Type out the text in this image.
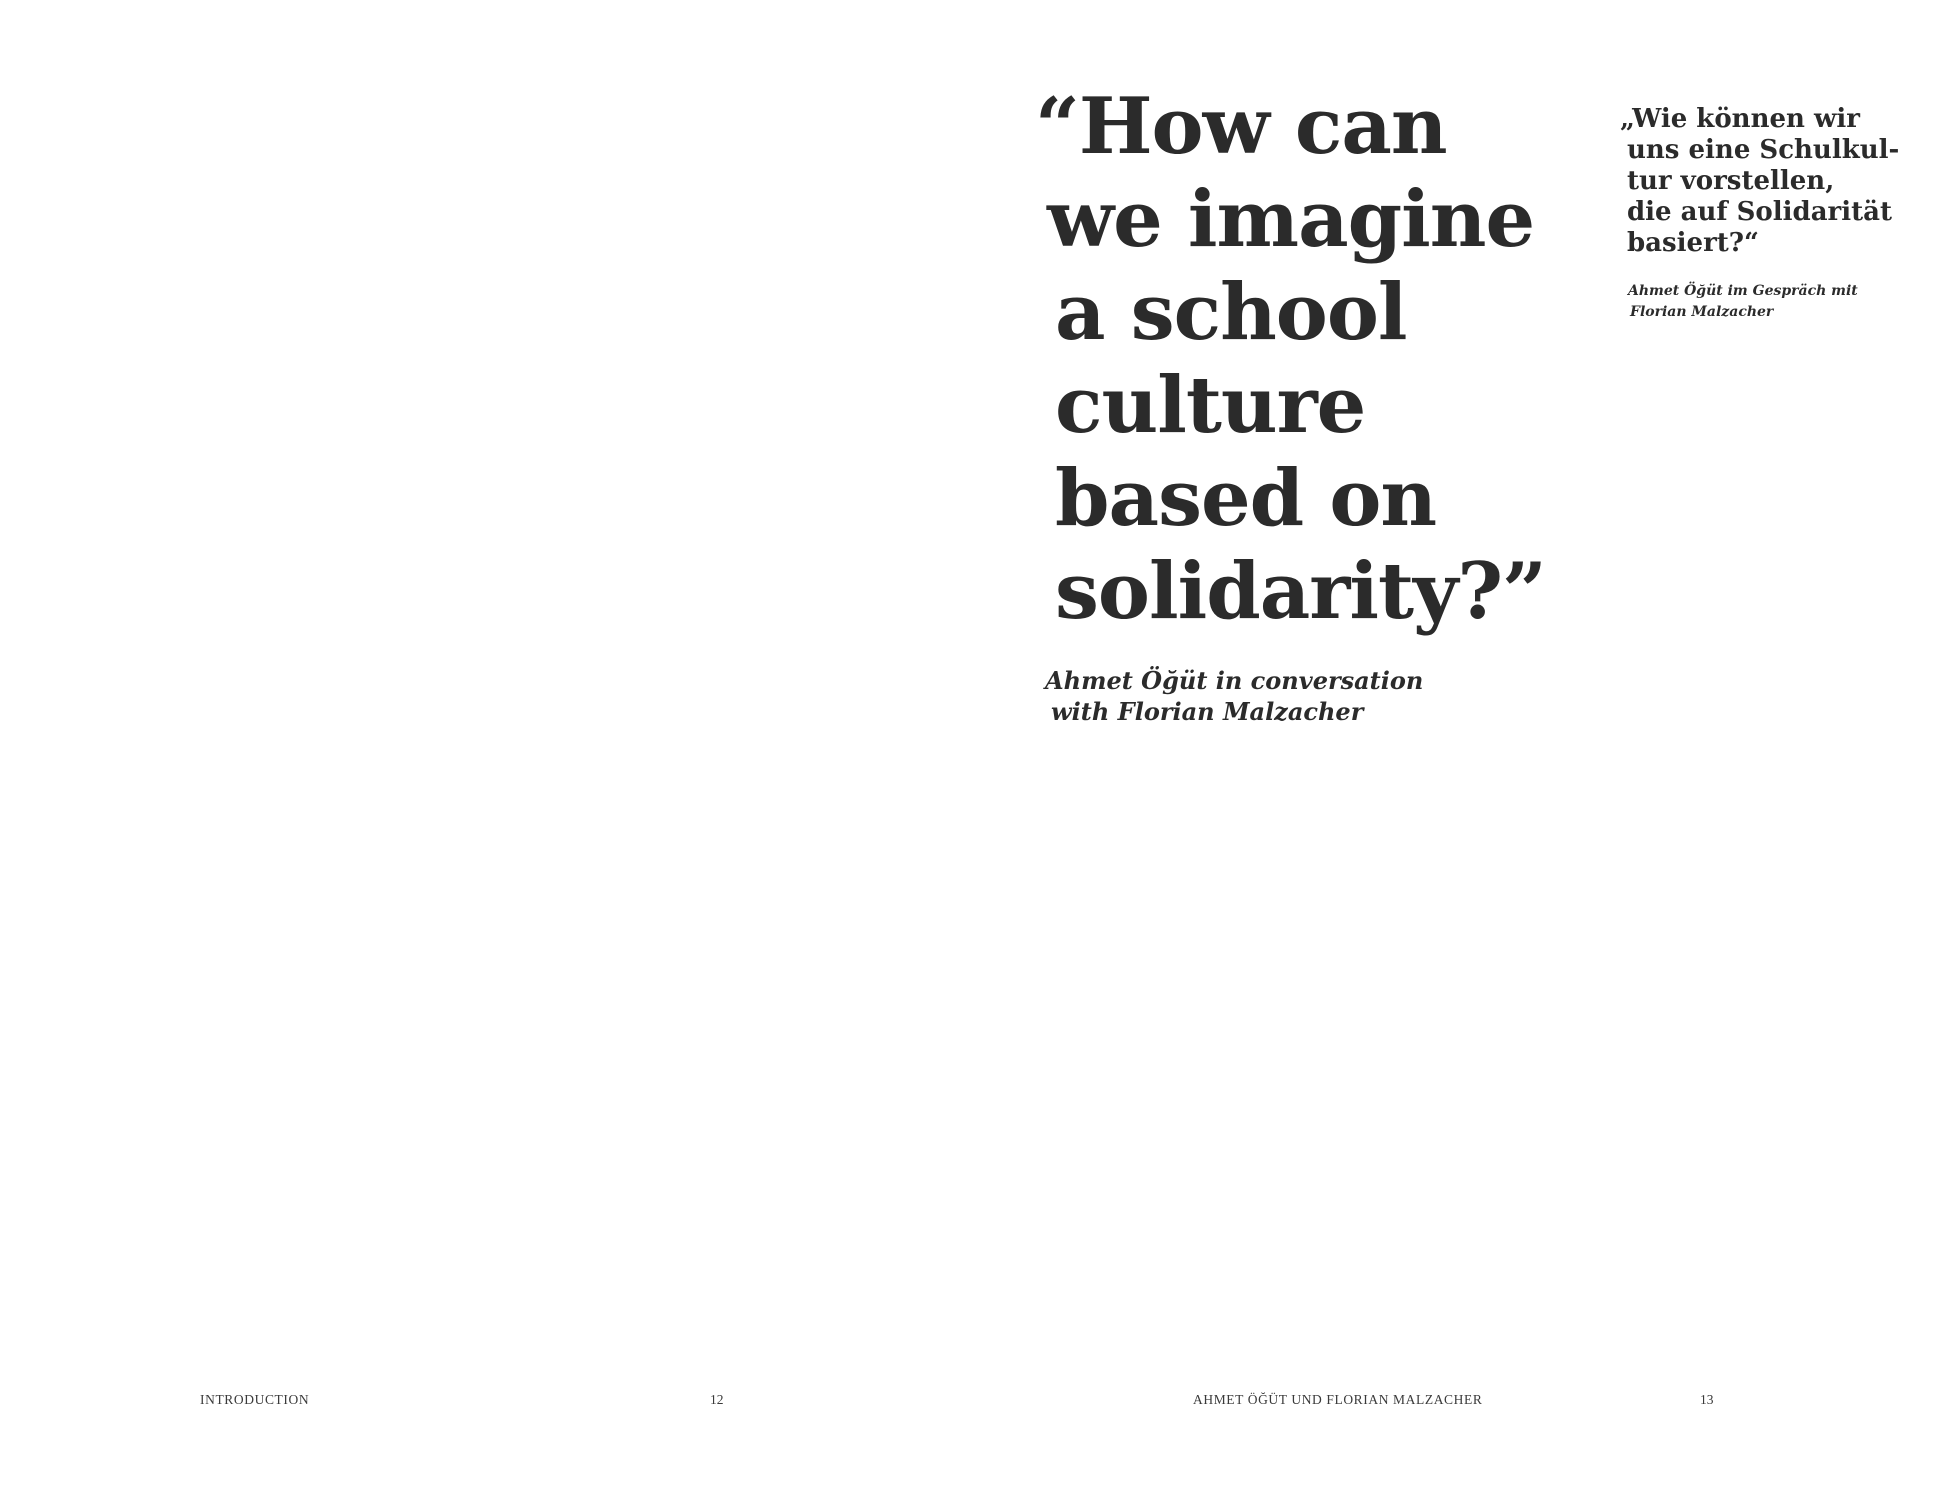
INTRODUCTION	12

“How can
we imagine
a school
culture
based on
solidarity?”

Ahmet Öğüt in conversation
with Florian Malzacher

„Wie können wir
uns eine Schulkul-
tur vorstellen,
die auf Solidarität
basiert?“

Ahmet Öğüt im Gespräch mit
Florian Malzacher

AHMET ÖĞÜT UND FLORIAN MALZACHER	13
